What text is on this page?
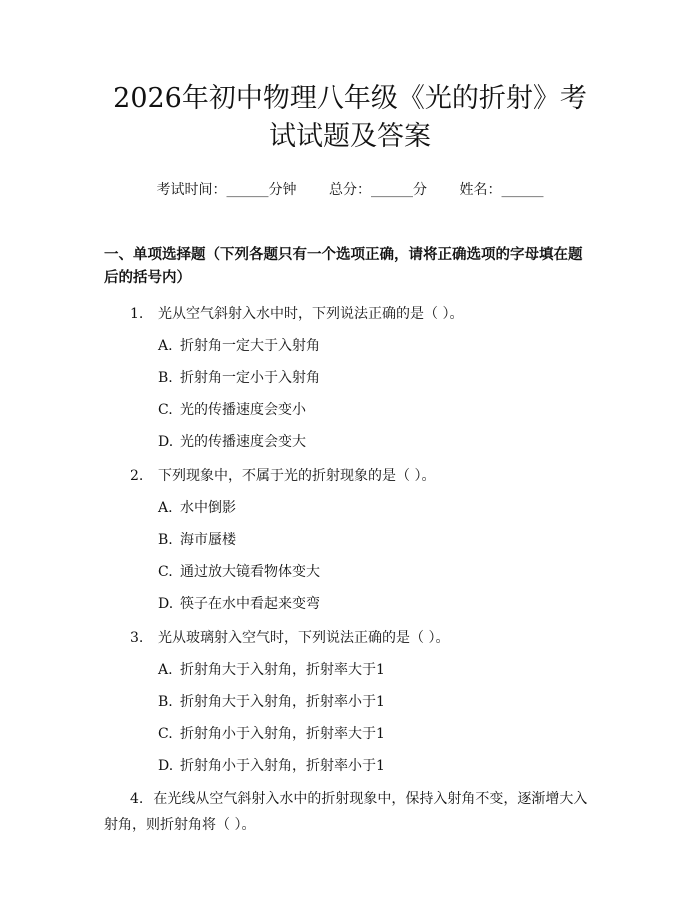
2026年初中物理八年级《光的折射》考试试题及答案
考试时间：______分钟 总分：______分 姓名：______
一、单项选择题（下列各题只有一个选项正确，请将正确选项的字母填在题后的括号内）
1.	光从空气斜射入水中时，下列说法正确的是（ ）。
A. 折射角一定大于入射角
B. 折射角一定小于入射角
C. 光的传播速度会变小
D. 光的传播速度会变大
2.	下列现象中，不属于光的折射现象的是（ ）。
A. 水中倒影
B. 海市蜃楼
C. 通过放大镜看物体变大
D. 筷子在水中看起来变弯
3.	光从玻璃射入空气时，下列说法正确的是（ ）。
A. 折射角大于入射角，折射率大于1
B. 折射角大于入射角，折射率小于1
C. 折射角小于入射角，折射率大于1
D. 折射角小于入射角，折射率小于1
4. 在光线从空气斜射入水中的折射现象中，保持入射角不变，逐渐增大入射角，则折射角将（ ）。
